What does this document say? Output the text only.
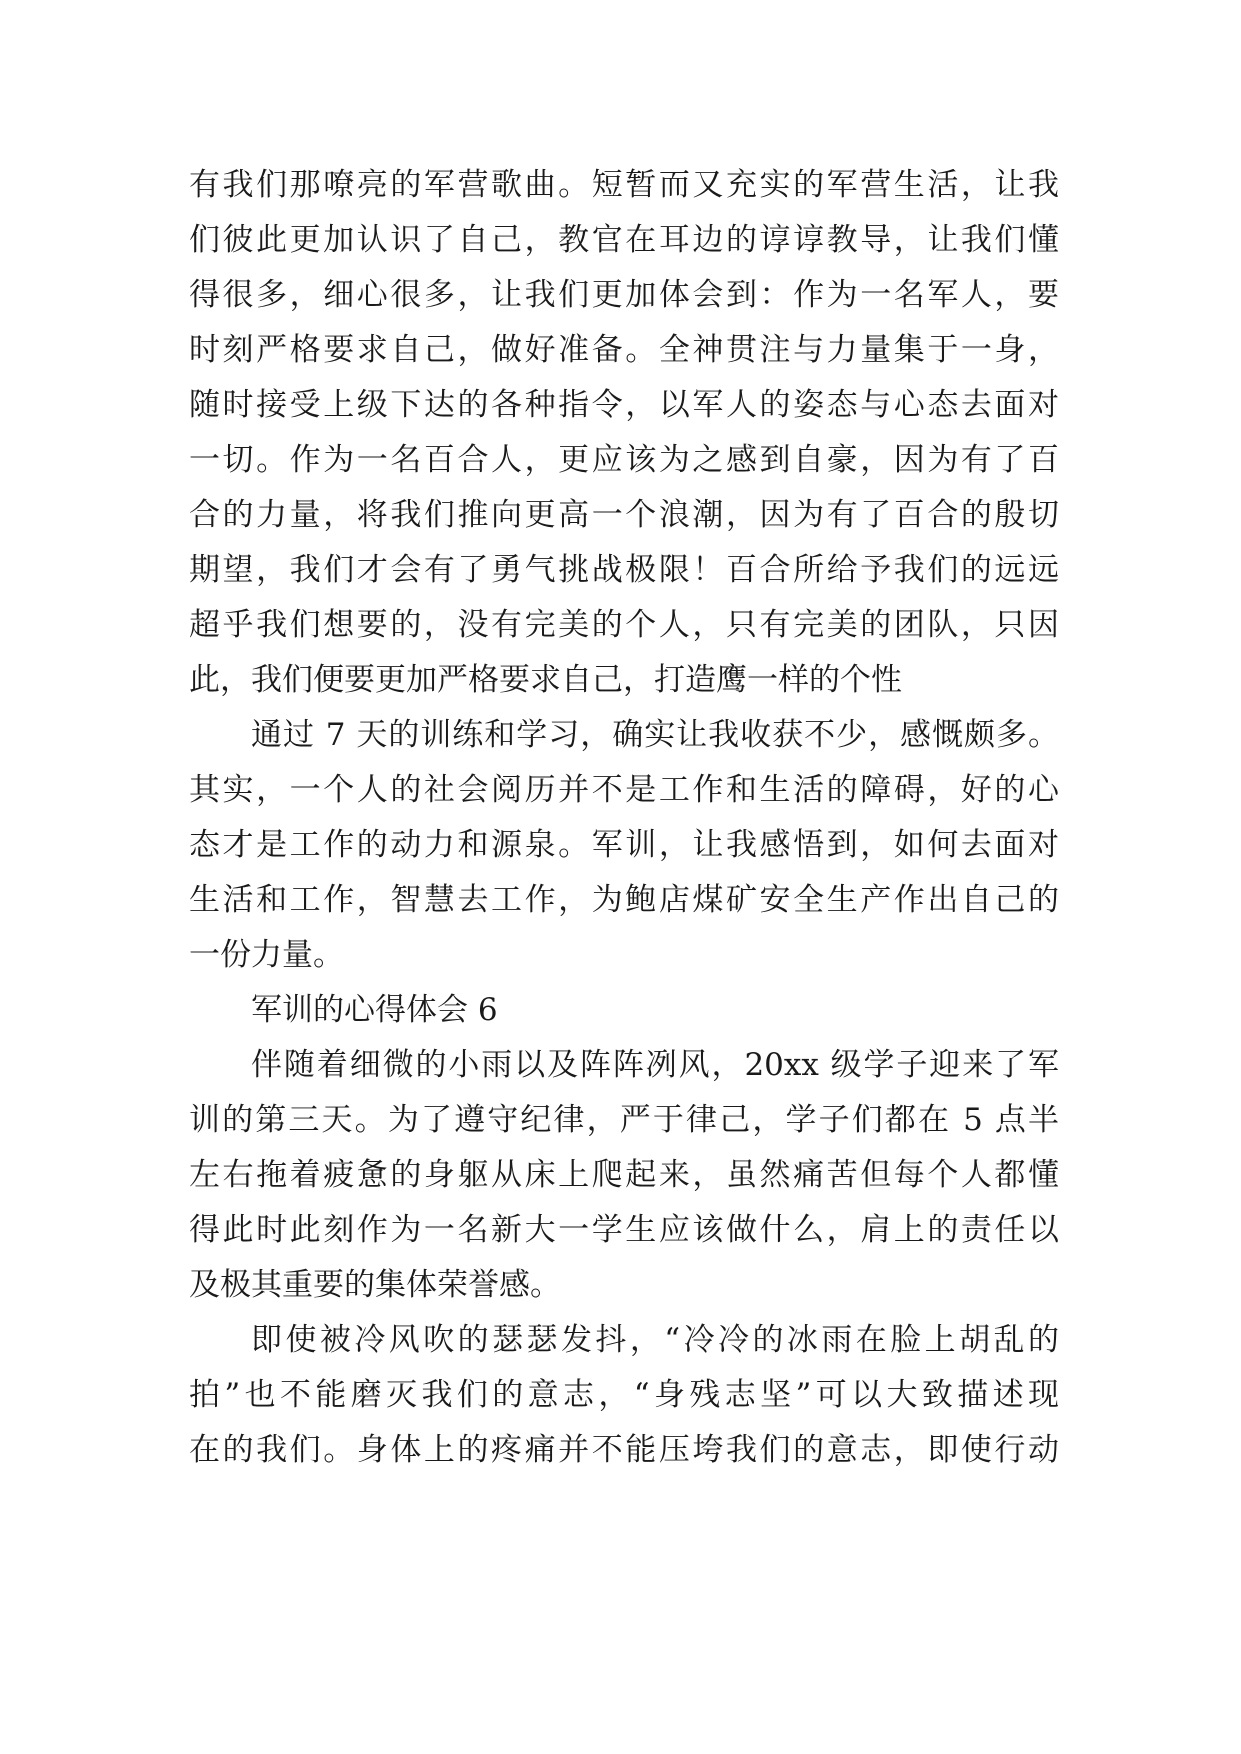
有我们那嘹亮的军营歌曲。短暂而又充实的军营生活，让我
们彼此更加认识了自己，教官在耳边的谆谆教导，让我们懂
得很多，细心很多，让我们更加体会到：作为一名军人，要
时刻严格要求自己，做好准备。全神贯注与力量集于一身，
随时接受上级下达的各种指令，以军人的姿态与心态去面对
一切。作为一名百合人，更应该为之感到自豪，因为有了百
合的力量，将我们推向更高一个浪潮，因为有了百合的殷切
期望，我们才会有了勇气挑战极限！百合所给予我们的远远
超乎我们想要的，没有完美的个人，只有完美的团队，只因
此，我们便要更加严格要求自己，打造鹰一样的个性
通过 7 天的训练和学习，确实让我收获不少，感慨颇多。
其实，一个人的社会阅历并不是工作和生活的障碍，好的心
态才是工作的动力和源泉。军训，让我感悟到，如何去面对
生活和工作，智慧去工作，为鲍店煤矿安全生产作出自己的
一份力量。
军训的心得体会 6
伴随着细微的小雨以及阵阵冽风，20xx 级学子迎来了军
训的第三天。为了遵守纪律，严于律己，学子们都在 5 点半
左右拖着疲惫的身躯从床上爬起来，虽然痛苦但每个人都懂
得此时此刻作为一名新大一学生应该做什么，肩上的责任以
及极其重要的集体荣誉感。
即使被冷风吹的瑟瑟发抖，“冷冷的冰雨在脸上胡乱的
拍”也不能磨灭我们的意志，“身残志坚”可以大致描述现
在的我们。身体上的疼痛并不能压垮我们的意志，即使行动
